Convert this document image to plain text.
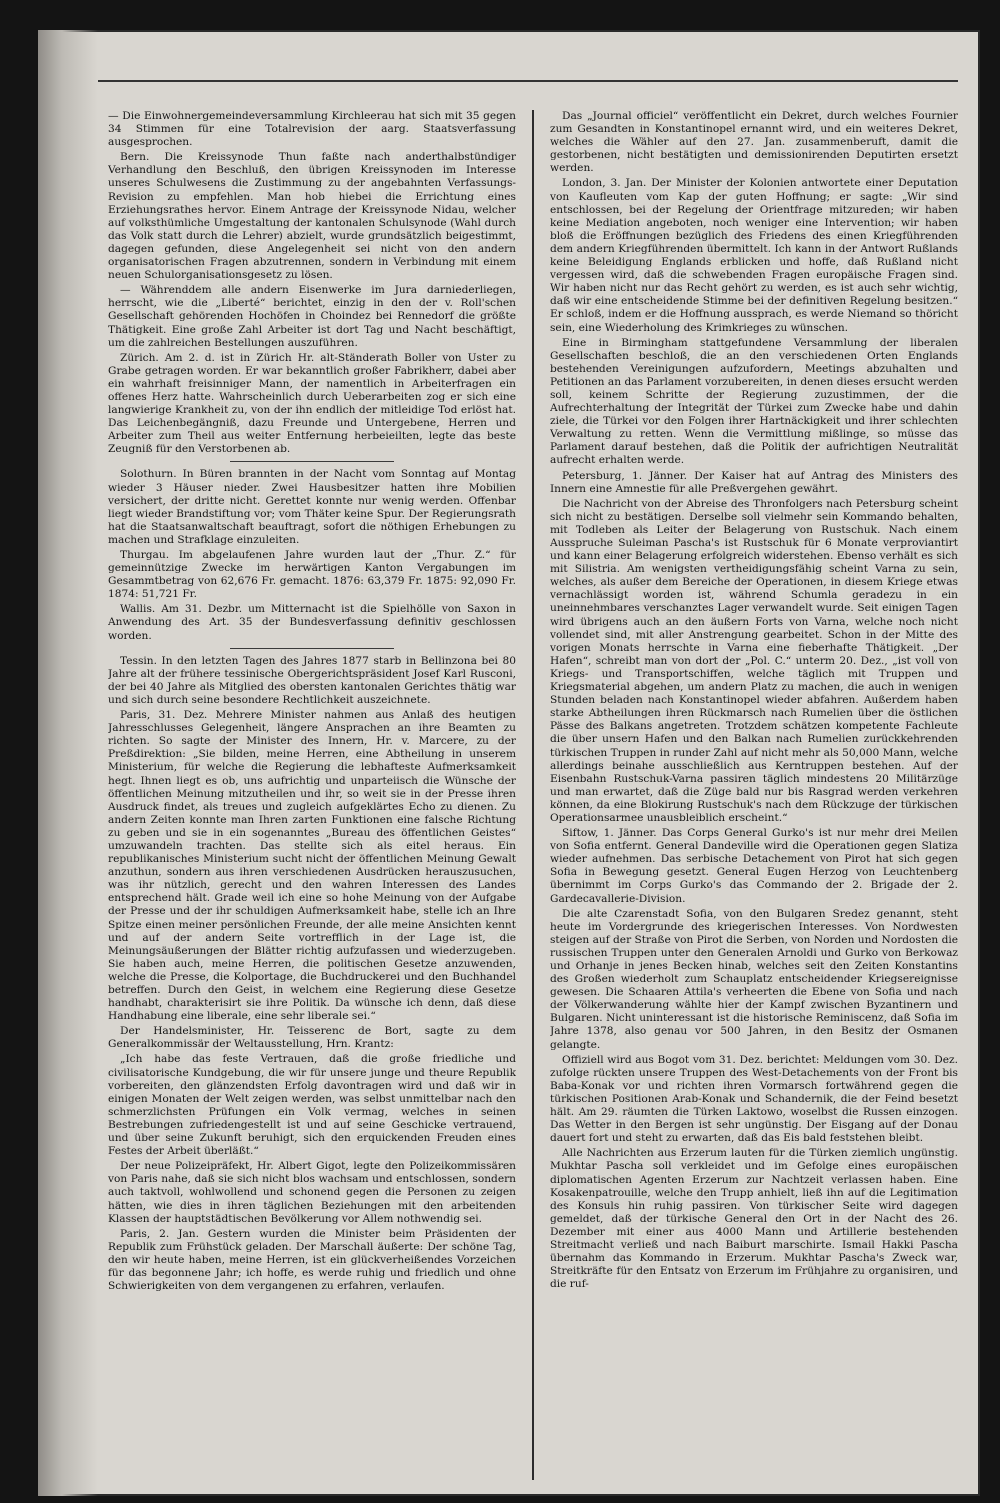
— Die Einwohnergemeindeversammlung Kirchleerau hat sich mit 35 gegen 34 Stimmen für eine Totalrevision der aarg. Staatsverfassung ausgesprochen.

Bern. Die Kreissynode Thun faßte nach anderthalbstündiger Verhandlung den Beschluß, den übrigen Kreissynoden im Interesse unseres Schulwesens die Zustimmung zu der angebahnten Verfassungs-Revision zu empfehlen. Man hob hiebei die Errichtung eines Erziehungsrathes hervor. Einem Antrage der Kreissynode Nidau, welcher auf volksthümliche Umgestaltung der kantonalen Schulsynode (Wahl durch das Volk statt durch die Lehrer) abzielt, wurde grundsätzlich beigestimmt, dagegen gefunden, diese Angelegenheit sei nicht von den andern organisatorischen Fragen abzutrennen, sondern in Verbindung mit einem neuen Schulorganisationsgesetz zu lösen.

— Währenddem alle andern Eisenwerke im Jura darniederliegen, herrscht, wie die „Liberté“ berichtet, einzig in den der v. Roll'schen Gesellschaft gehörenden Hochöfen in Choindez bei Rennedorf die größte Thätigkeit. Eine große Zahl Arbeiter ist dort Tag und Nacht beschäftigt, um die zahlreichen Bestellungen auszuführen.

Zürich. Am 2. d. ist in Zürich Hr. alt-Ständerath Boller von Uster zu Grabe getragen worden. Er war bekanntlich großer Fabrikherr, dabei aber ein wahrhaft freisinniger Mann, der namentlich in Arbeiterfragen ein offenes Herz hatte. Wahrscheinlich durch Ueberarbeiten zog er sich eine langwierige Krankheit zu, von der ihn endlich der mitleidige Tod erlöst hat. Das Leichenbegängniß, dazu Freunde und Untergebene, Herren und Arbeiter zum Theil aus weiter Entfernung herbeieilten, legte das beste Zeugniß für den Verstorbenen ab.

Solothurn. In Büren brannten in der Nacht vom Sonntag auf Montag wieder 3 Häuser nieder. Zwei Hausbesitzer hatten ihre Mobilien versichert, der dritte nicht. Gerettet konnte nur wenig werden. Offenbar liegt wieder Brandstiftung vor; vom Thäter keine Spur. Der Regierungsrath hat die Staatsanwaltschaft beauftragt, sofort die nöthigen Erhebungen zu machen und Strafklage einzuleiten.

Thurgau. Im abgelaufenen Jahre wurden laut der „Thur. Z.“ für gemeinnützige Zwecke im herwärtigen Kanton Vergabungen im Gesammtbetrag von 62,676 Fr. gemacht. 1876: 63,379 Fr. 1875: 92,090 Fr. 1874: 51,721 Fr.

Wallis. Am 31. Dezbr. um Mitternacht ist die Spielhölle von Saxon in Anwendung des Art. 35 der Bundesverfassung definitiv geschlossen worden.

Tessin. In den letzten Tagen des Jahres 1877 starb in Bellinzona bei 80 Jahre alt der frühere tessinische Obergerichtspräsident Josef Karl Rusconi, der bei 40 Jahre als Mitglied des obersten kantonalen Gerichtes thätig war und sich durch seine besondere Rechtlichkeit auszeichnete.

Paris, 31. Dez. Mehrere Minister nahmen aus Anlaß des heutigen Jahresschlusses Gelegenheit, längere Ansprachen an ihre Beamten zu richten. So sagte der Minister des Innern, Hr. v. Marcere, zu der Preßdirektion: „Sie bilden, meine Herren, eine Abtheilung in unserem Ministerium, für welche die Regierung die lebhafteste Aufmerksamkeit hegt. Ihnen liegt es ob, uns aufrichtig und unparteiisch die Wünsche der öffentlichen Meinung mitzutheilen und ihr, so weit sie in der Presse ihren Ausdruck findet, als treues und zugleich aufgeklärtes Echo zu dienen. Zu andern Zeiten konnte man Ihren zarten Funktionen eine falsche Richtung zu geben und sie in ein sogenanntes „Bureau des öffentlichen Geistes“ umzuwandeln trachten. Das stellte sich als eitel heraus. Ein republikanisches Ministerium sucht nicht der öffentlichen Meinung Gewalt anzuthun, sondern aus ihren verschiedenen Ausdrücken herauszusuchen, was ihr nützlich, gerecht und den wahren Interessen des Landes entsprechend hält. Grade weil ich eine so hohe Meinung von der Aufgabe der Presse und der ihr schuldigen Aufmerksamkeit habe, stelle ich an Ihre Spitze einen meiner persönlichen Freunde, der alle meine Ansichten kennt und auf der andern Seite vortrefflich in der Lage ist, die Meinungsäußerungen der Blätter richtig aufzufassen und wiederzugeben. Sie haben auch, meine Herren, die politischen Gesetze anzuwenden, welche die Presse, die Kolportage, die Buchdruckerei und den Buchhandel betreffen. Durch den Geist, in welchem eine Regierung diese Gesetze handhabt, charakterisirt sie ihre Politik. Da wünsche ich denn, daß diese Handhabung eine liberale, eine sehr liberale sei.“

Der Handelsminister, Hr. Teisserenc de Bort, sagte zu dem Generalkommissär der Weltausstellung, Hrn. Krantz:

„Ich habe das feste Vertrauen, daß die große friedliche und civilisatorische Kundgebung, die wir für unsere junge und theure Republik vorbereiten, den glänzendsten Erfolg davontragen wird und daß wir in einigen Monaten der Welt zeigen werden, was selbst unmittelbar nach den schmerzlichsten Prüfungen ein Volk vermag, welches in seinen Bestrebungen zufriedengestellt ist und auf seine Geschicke vertrauend, und über seine Zukunft beruhigt, sich den erquickenden Freuden eines Festes der Arbeit überläßt.“

Der neue Polizeipräfekt, Hr. Albert Gigot, legte den Polizeikommissären von Paris nahe, daß sie sich nicht blos wachsam und entschlossen, sondern auch taktvoll, wohlwollend und schonend gegen die Personen zu zeigen hätten, wie dies in ihren täglichen Beziehungen mit den arbeitenden Klassen der hauptstädtischen Bevölkerung vor Allem nothwendig sei.

Paris, 2. Jan. Gestern wurden die Minister beim Präsidenten der Republik zum Frühstück geladen. Der Marschall äußerte: Der schöne Tag, den wir heute haben, meine Herren, ist ein glückverheißendes Vorzeichen für das begonnene Jahr; ich hoffe, es werde ruhig und friedlich und ohne Schwierigkeiten von dem vergangenen zu erfahren, verlaufen.

Das „Journal officiel“ veröffentlicht ein Dekret, durch welches Fournier zum Gesandten in Konstantinopel ernannt wird, und ein weiteres Dekret, welches die Wähler auf den 27. Jan. zusammenberuft, damit die gestorbenen, nicht bestätigten und demissionirenden Deputirten ersetzt werden.

London, 3. Jan. Der Minister der Kolonien antwortete einer Deputation von Kaufleuten vom Kap der guten Hoffnung; er sagte: „Wir sind entschlossen, bei der Regelung der Orientfrage mitzureden; wir haben keine Mediation angeboten, noch weniger eine Intervention; wir haben bloß die Eröffnungen bezüglich des Friedens des einen Kriegführenden dem andern Kriegführenden übermittelt. Ich kann in der Antwort Rußlands keine Beleidigung Englands erblicken und hoffe, daß Rußland nicht vergessen wird, daß die schwebenden Fragen europäische Fragen sind. Wir haben nicht nur das Recht gehört zu werden, es ist auch sehr wichtig, daß wir eine entscheidende Stimme bei der definitiven Regelung besitzen.“ Er schloß, indem er die Hoffnung aussprach, es werde Niemand so thöricht sein, eine Wiederholung des Krimkrieges zu wünschen.

Eine in Birmingham stattgefundene Versammlung der liberalen Gesellschaften beschloß, die an den verschiedenen Orten Englands bestehenden Vereinigungen aufzufordern, Meetings abzuhalten und Petitionen an das Parlament vorzubereiten, in denen dieses ersucht werden soll, keinem Schritte der Regierung zuzustimmen, der die Aufrechterhaltung der Integrität der Türkei zum Zwecke habe und dahin ziele, die Türkei vor den Folgen ihrer Hartnäckigkeit und ihrer schlechten Verwaltung zu retten. Wenn die Vermittlung mißlinge, so müsse das Parlament darauf bestehen, daß die Politik der aufrichtigen Neutralität aufrecht erhalten werde.

Petersburg, 1. Jänner. Der Kaiser hat auf Antrag des Ministers des Innern eine Amnestie für alle Preßvergehen gewährt.

Die Nachricht von der Abreise des Thronfolgers nach Petersburg scheint sich nicht zu bestätigen. Derselbe soll vielmehr sein Kommando behalten, mit Todleben als Leiter der Belagerung von Rustschuk. Nach einem Ausspruche Suleiman Pascha's ist Rustschuk für 6 Monate verproviantirt und kann einer Belagerung erfolgreich widerstehen. Ebenso verhält es sich mit Silistria. Am wenigsten vertheidigungsfähig scheint Varna zu sein, welches, als außer dem Bereiche der Operationen, in diesem Kriege etwas vernachlässigt worden ist, während Schumla geradezu in ein uneinnehmbares verschanztes Lager verwandelt wurde. Seit einigen Tagen wird übrigens auch an den äußern Forts von Varna, welche noch nicht vollendet sind, mit aller Anstrengung gearbeitet. Schon in der Mitte des vorigen Monats herrschte in Varna eine fieberhafte Thätigkeit. „Der Hafen“, schreibt man von dort der „Pol. C.“ unterm 20. Dez., „ist voll von Kriegs- und Transportschiffen, welche täglich mit Truppen und Kriegsmaterial abgehen, um andern Platz zu machen, die auch in wenigen Stunden beladen nach Konstantinopel wieder abfahren. Außerdem haben starke Abtheilungen ihren Rückmarsch nach Rumelien über die östlichen Pässe des Balkans angetreten. Trotzdem schätzen kompetente Fachleute die über unsern Hafen und den Balkan nach Rumelien zurückkehrenden türkischen Truppen in runder Zahl auf nicht mehr als 50,000 Mann, welche allerdings beinahe ausschließlich aus Kerntruppen bestehen. Auf der Eisenbahn Rustschuk-Varna passiren täglich mindestens 20 Militärzüge und man erwartet, daß die Züge bald nur bis Rasgrad werden verkehren können, da eine Blokirung Rustschuk's nach dem Rückzuge der türkischen Operationsarmee unausbleiblich erscheint.“

Siftow, 1. Jänner. Das Corps General Gurko's ist nur mehr drei Meilen von Sofia entfernt. General Dandeville wird die Operationen gegen Slatiza wieder aufnehmen. Das serbische Detachement von Pirot hat sich gegen Sofia in Bewegung gesetzt. General Eugen Herzog von Leuchtenberg übernimmt im Corps Gurko's das Commando der 2. Brigade der 2. Gardecavallerie-Division.

Die alte Czarenstadt Sofia, von den Bulgaren Sredez genannt, steht heute im Vordergrunde des kriegerischen Interesses. Von Nordwesten steigen auf der Straße von Pirot die Serben, von Norden und Nordosten die russischen Truppen unter den Generalen Arnoldi und Gurko von Berkowaz und Orhanje in jenes Becken hinab, welches seit den Zeiten Konstantins des Großen wiederholt zum Schauplatz entscheidender Kriegsereignisse gewesen. Die Schaaren Attila's verheerten die Ebene von Sofia und nach der Völkerwanderung wählte hier der Kampf zwischen Byzantinern und Bulgaren. Nicht uninteressant ist die historische Reminiscenz, daß Sofia im Jahre 1378, also genau vor 500 Jahren, in den Besitz der Osmanen gelangte.

Offiziell wird aus Bogot vom 31. Dez. berichtet: Meldungen vom 30. Dez. zufolge rückten unsere Truppen des West-Detachements von der Front bis Baba-Konak vor und richten ihren Vormarsch fortwährend gegen die türkischen Positionen Arab-Konak und Schandernik, die der Feind besetzt hält. Am 29. räumten die Türken Laktowo, woselbst die Russen einzogen. Das Wetter in den Bergen ist sehr ungünstig. Der Eisgang auf der Donau dauert fort und steht zu erwarten, daß das Eis bald feststehen bleibt.

Alle Nachrichten aus Erzerum lauten für die Türken ziemlich ungünstig. Mukhtar Pascha soll verkleidet und im Gefolge eines europäischen diplomatischen Agenten Erzerum zur Nachtzeit verlassen haben. Eine Kosakenpatrouille, welche den Trupp anhielt, ließ ihn auf die Legitimation des Konsuls hin ruhig passiren. Von türkischer Seite wird dagegen gemeldet, daß der türkische General den Ort in der Nacht des 26. Dezember mit einer aus 4000 Mann und Artillerie bestehenden Streitmacht verließ und nach Baiburt marschirte. Ismail Hakki Pascha übernahm das Kommando in Erzerum. Mukhtar Pascha's Zweck war, Streitkräfte für den Entsatz von Erzerum im Frühjahre zu organisiren, und die ruf-
